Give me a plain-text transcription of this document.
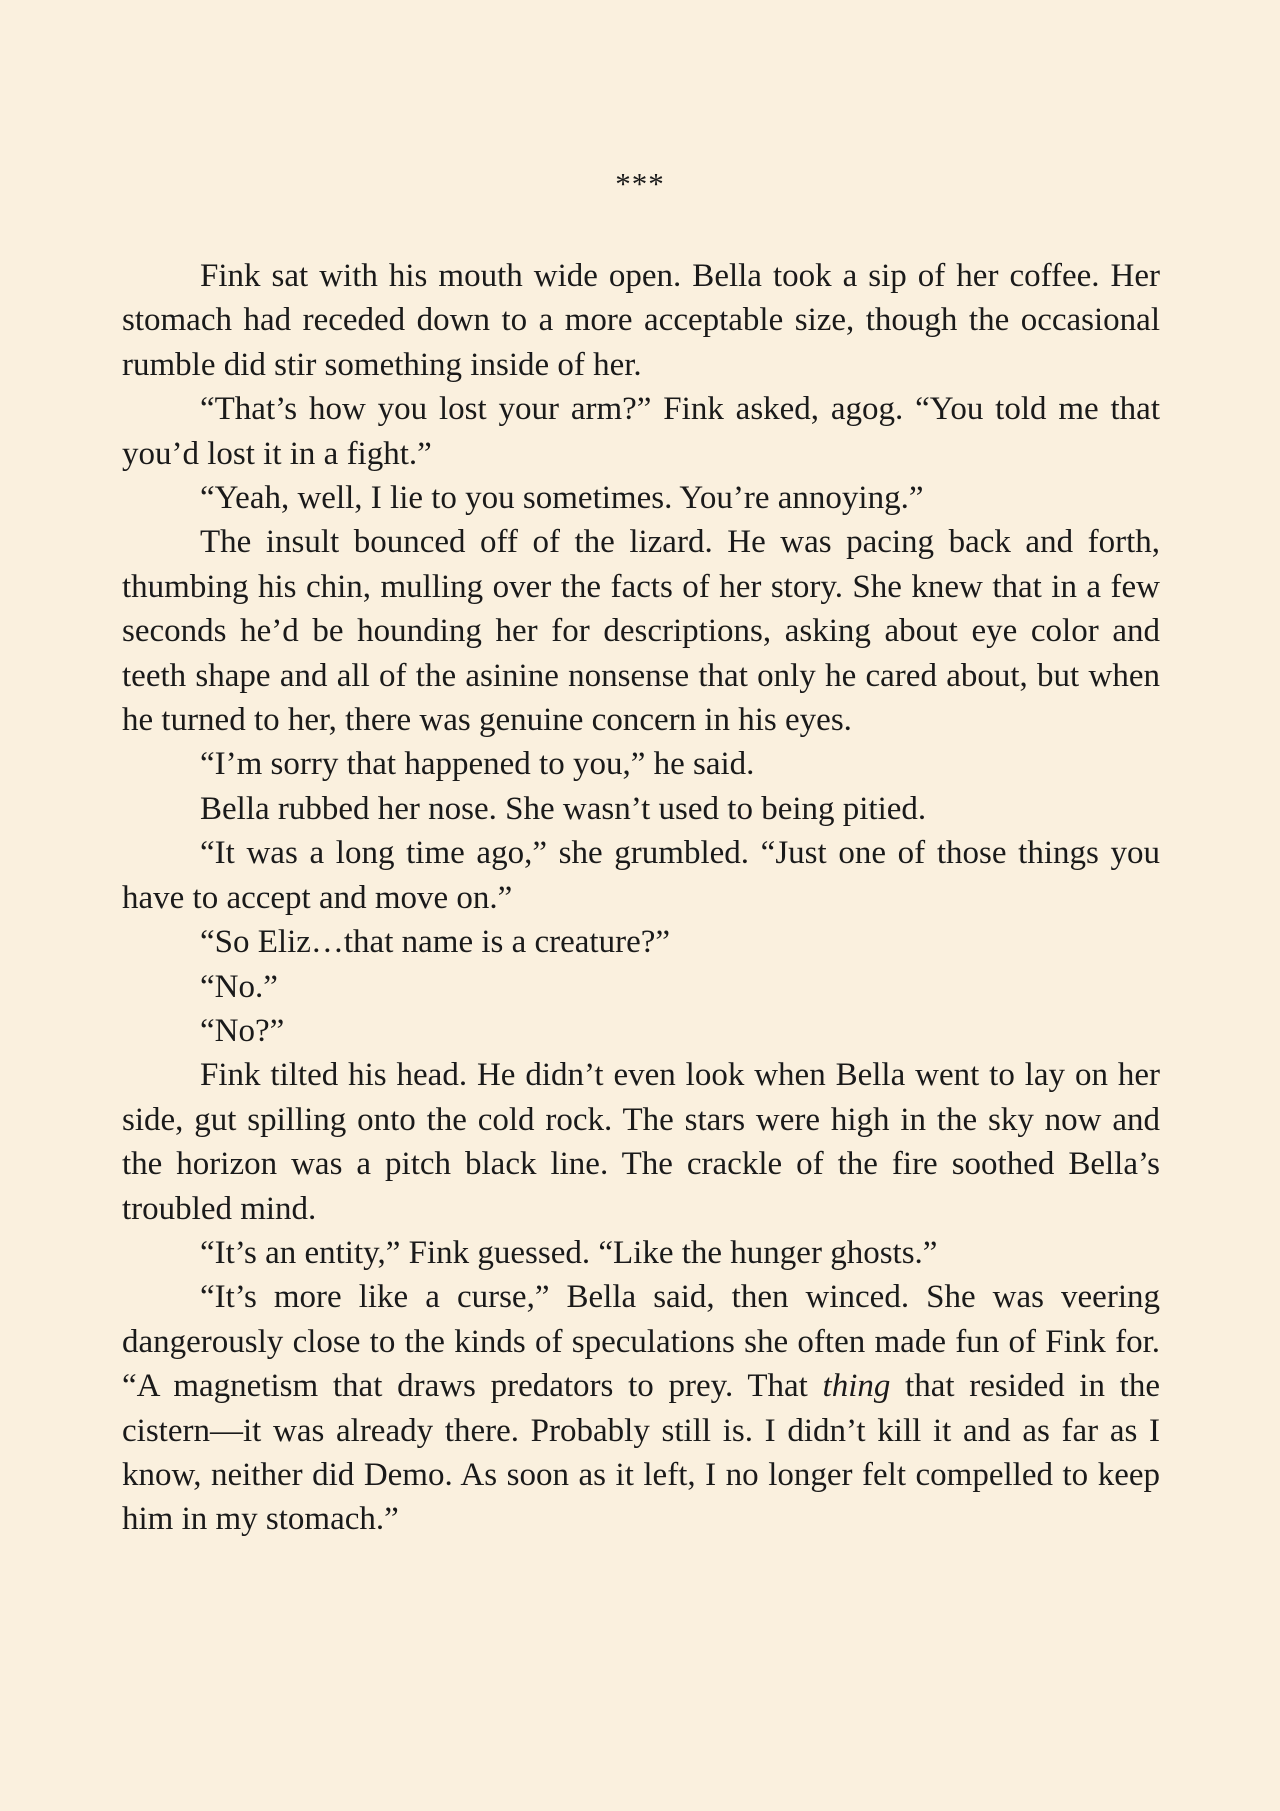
***

Fink sat with his mouth wide open. Bella took a sip of her coffee. Her stomach had receded down to a more acceptable size, though the occasional rumble did stir something inside of her.

“That’s how you lost your arm?” Fink asked, agog. “You told me that you’d lost it in a fight.”

“Yeah, well, I lie to you sometimes. You’re annoying.”

The insult bounced off of the lizard. He was pacing back and forth, thumbing his chin, mulling over the facts of her story. She knew that in a few seconds he’d be hounding her for descriptions, asking about eye color and teeth shape and all of the asinine nonsense that only he cared about, but when he turned to her, there was genuine concern in his eyes.

“I’m sorry that happened to you,” he said.

Bella rubbed her nose. She wasn’t used to being pitied.

“It was a long time ago,” she grumbled. “Just one of those things you have to accept and move on.”

“So Eliz…that name is a creature?”

“No.”

“No?”

Fink tilted his head. He didn’t even look when Bella went to lay on her side, gut spilling onto the cold rock. The stars were high in the sky now and the horizon was a pitch black line. The crackle of the fire soothed Bella’s troubled mind.

“It’s an entity,” Fink guessed. “Like the hunger ghosts.”

“It’s more like a curse,” Bella said, then winced. She was veering dangerously close to the kinds of speculations she often made fun of Fink for. “A magnetism that draws predators to prey. That thing that resided in the cistern—it was already there. Probably still is. I didn’t kill it and as far as I know, neither did Demo. As soon as it left, I no longer felt compelled to keep him in my stomach.”
